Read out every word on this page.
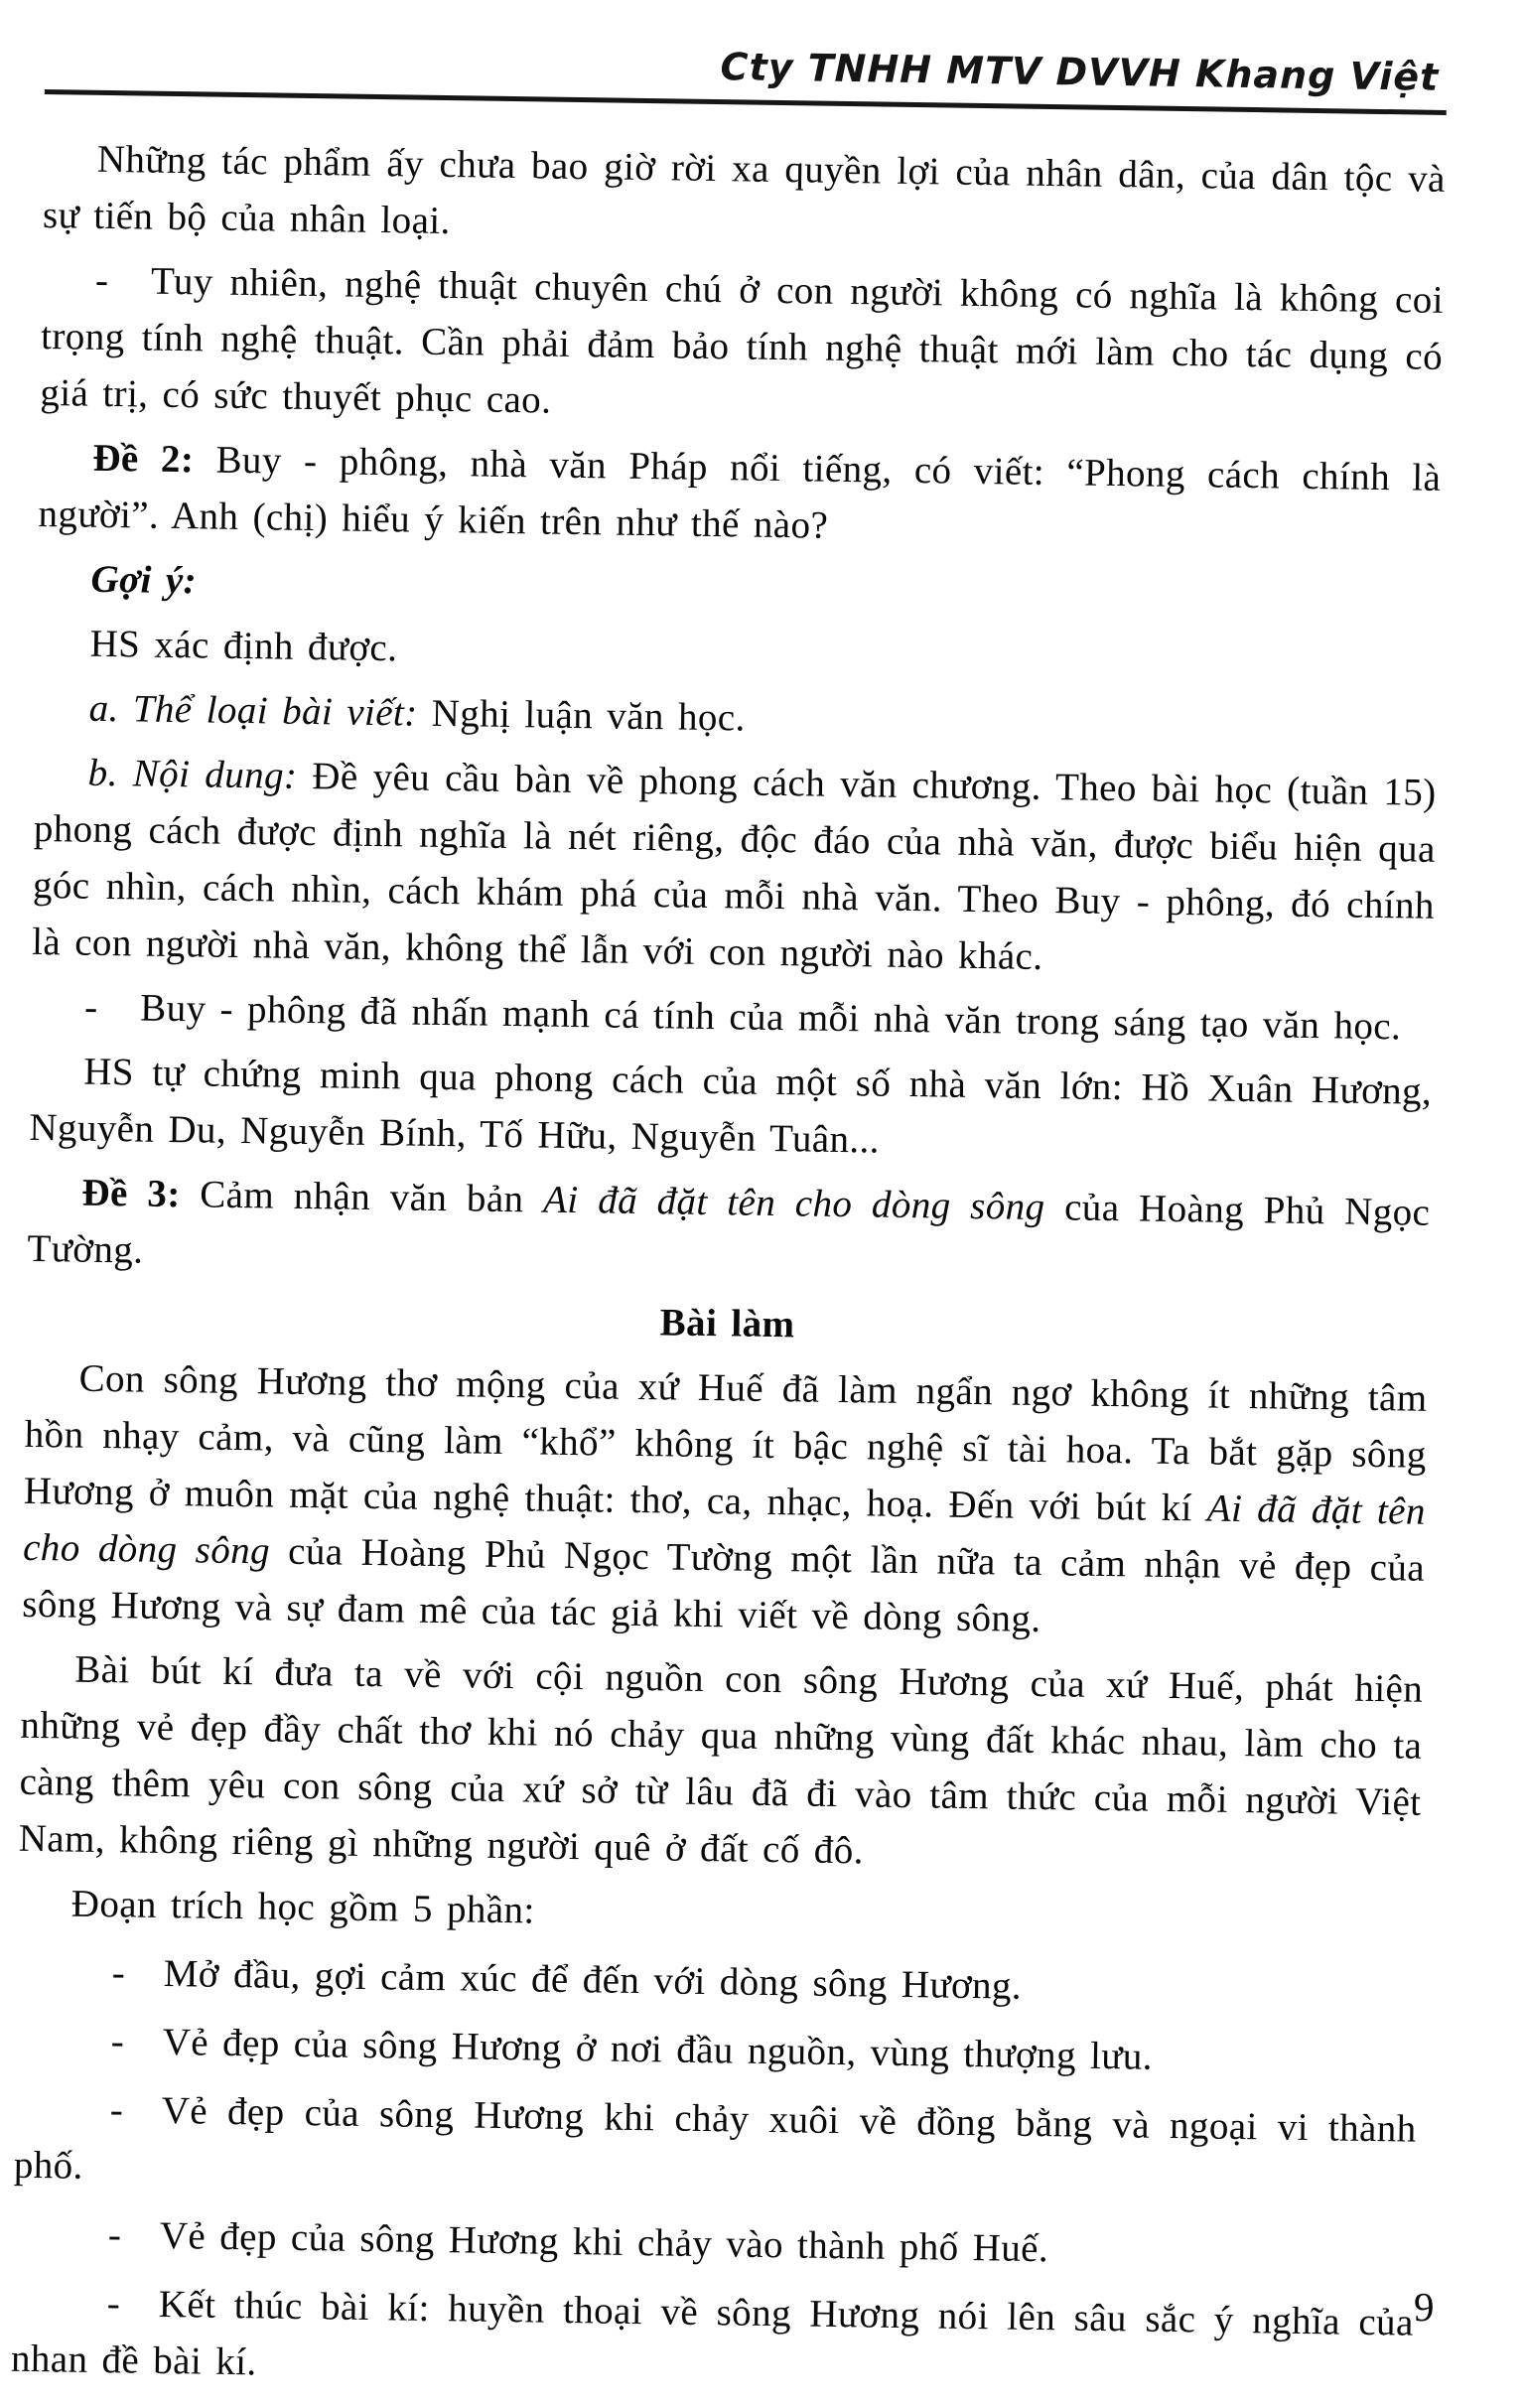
Cty TNHH MTV DVVH Khang Việt

Những tác phẩm ấy chưa bao giờ rời xa quyền lợi của nhân dân, của dân tộc và sự tiến bộ của nhân loại.

- Tuy nhiên, nghệ thuật chuyên chú ở con người không có nghĩa là không coi trọng tính nghệ thuật. Cần phải đảm bảo tính nghệ thuật mới làm cho tác dụng có giá trị, có sức thuyết phục cao.

Đề 2: Buy - phông, nhà văn Pháp nổi tiếng, có viết: “Phong cách chính là người”. Anh (chị) hiểu ý kiến trên như thế nào?

Gợi ý:

HS xác định được.

a. Thể loại bài viết: Nghị luận văn học.

b. Nội dung: Đề yêu cầu bàn về phong cách văn chương. Theo bài học (tuần 15) phong cách được định nghĩa là nét riêng, độc đáo của nhà văn, được biểu hiện qua góc nhìn, cách nhìn, cách khám phá của mỗi nhà văn. Theo Buy - phông, đó chính là con người nhà văn, không thể lẫn với con người nào khác.

- Buy - phông đã nhấn mạnh cá tính của mỗi nhà văn trong sáng tạo văn học.

HS tự chứng minh qua phong cách của một số nhà văn lớn: Hồ Xuân Hương, Nguyễn Du, Nguyễn Bính, Tố Hữu, Nguyễn Tuân...

Đề 3: Cảm nhận văn bản Ai đã đặt tên cho dòng sông của Hoàng Phủ Ngọc Tường.

Bài làm

Con sông Hương thơ mộng của xứ Huế đã làm ngẩn ngơ không ít những tâm hồn nhạy cảm, và cũng làm “khổ” không ít bậc nghệ sĩ tài hoa. Ta bắt gặp sông Hương ở muôn mặt của nghệ thuật: thơ, ca, nhạc, hoạ. Đến với bút kí Ai đã đặt tên cho dòng sông của Hoàng Phủ Ngọc Tường một lần nữa ta cảm nhận vẻ đẹp của sông Hương và sự đam mê của tác giả khi viết về dòng sông.

Bài bút kí đưa ta về với cội nguồn con sông Hương của xứ Huế, phát hiện những vẻ đẹp đầy chất thơ khi nó chảy qua những vùng đất khác nhau, làm cho ta càng thêm yêu con sông của xứ sở từ lâu đã đi vào tâm thức của mỗi người Việt Nam, không riêng gì những người quê ở đất cố đô.

Đoạn trích học gồm 5 phần:

- Mở đầu, gợi cảm xúc để đến với dòng sông Hương.

- Vẻ đẹp của sông Hương ở nơi đầu nguồn, vùng thượng lưu.

- Vẻ đẹp của sông Hương khi chảy xuôi về đồng bằng và ngoại vi thành phố.

- Vẻ đẹp của sông Hương khi chảy vào thành phố Huế.

- Kết thúc bài kí: huyền thoại về sông Hương nói lên sâu sắc ý nghĩa của nhan đề bài kí.

9
